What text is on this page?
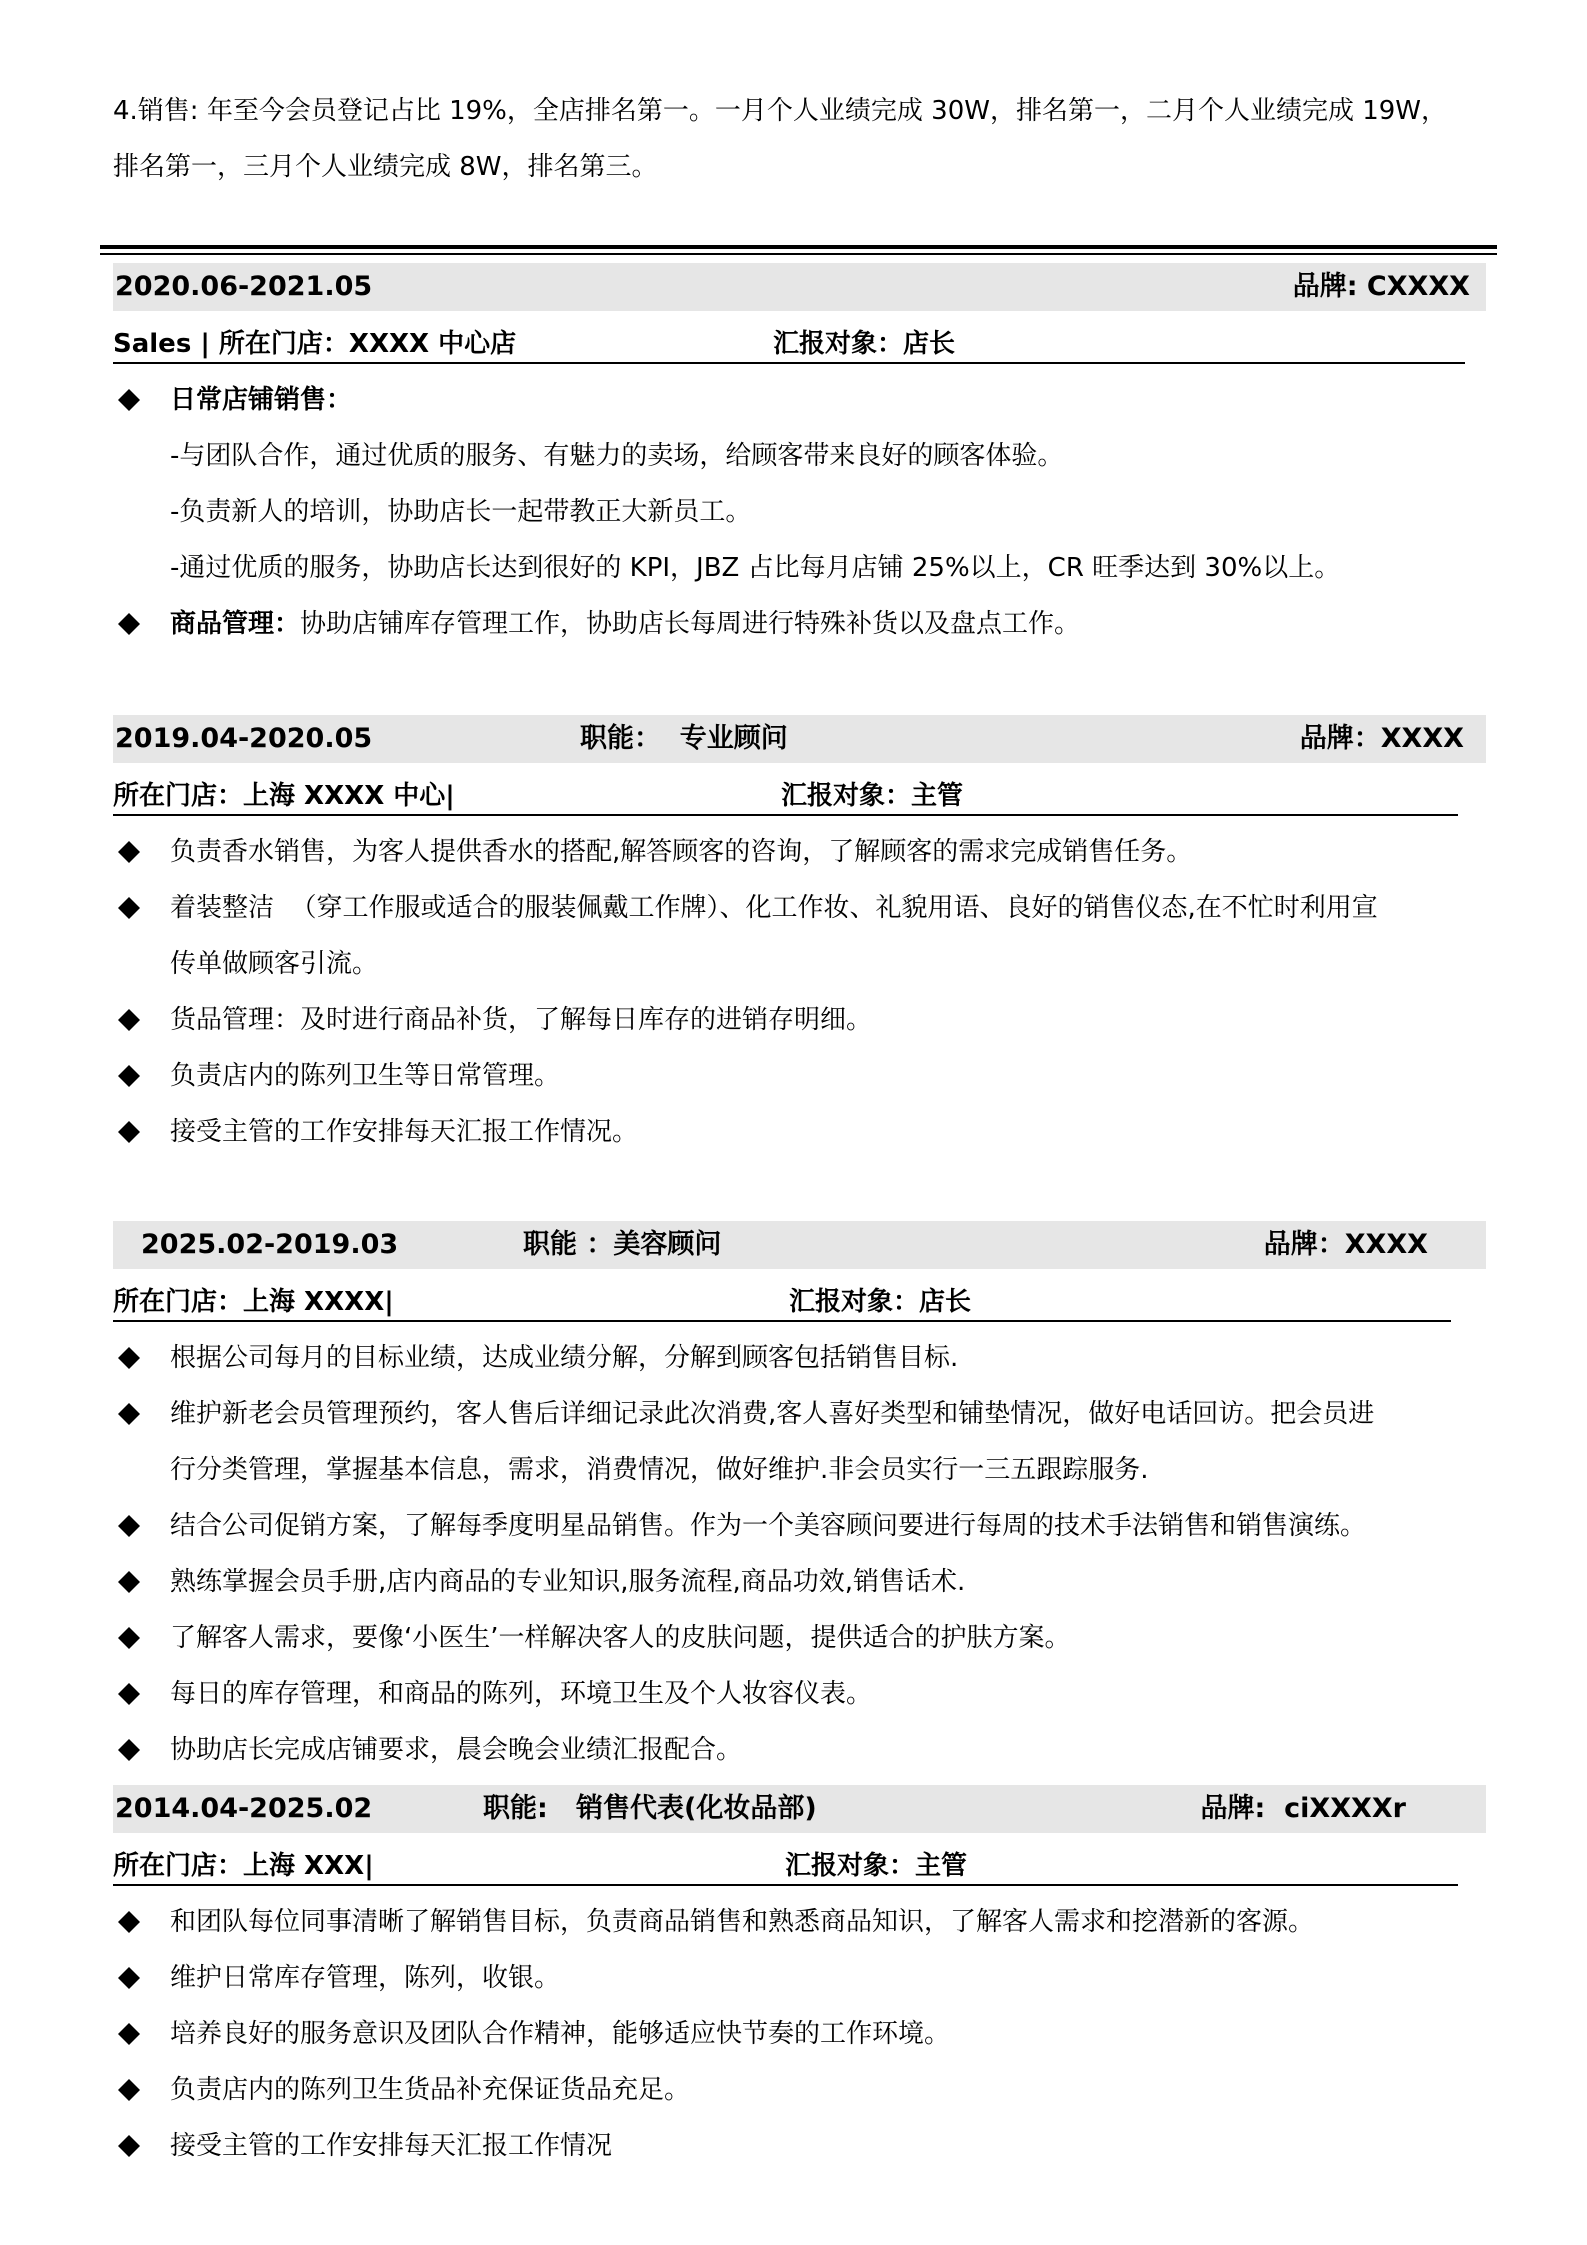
4.销售: 年至今会员登记占比 19%，全店排名第一。一月个人业绩完成 30W，排名第一，二月个人业绩完成 19W，
排名第一，三月个人业绩完成 8W，排名第三。
2020.06-2021.05	品牌: CXXXX
Sales | 所在门店：XXXX 中心店	汇报对象：店长
日常店铺销售：
-与团队合作，通过优质的服务、有魅力的卖场，给顾客带来良好的顾客体验。
-负责新人的培训，协助店长一起带教正大新员工。
-通过优质的服务，协助店长达到很好的 KPI，JBZ 占比每月店铺 25%以上，CR 旺季达到 30%以上。
商品管理：协助店铺库存管理工作，协助店长每周进行特殊补货以及盘点工作。
2019.04-2020.05	职能：  专业顾问	品牌：XXXX
所在门店：上海 XXXX 中心|	汇报对象：主管
负责香水销售，为客人提供香水的搭配,解答顾客的咨询，了解顾客的需求完成销售任务。
着装整洁  （穿工作服或适合的服装佩戴工作牌）、化工作妆、礼貌用语、良好的销售仪态,在不忙时利用宣
传单做顾客引流。
货品管理：及时进行商品补货，了解每日库存的进销存明细。
负责店内的陈列卫生等日常管理。
接受主管的工作安排每天汇报工作情况。
2025.02-2019.03	职能 ：美容顾问	品牌：XXXX
所在门店：上海 XXXX|	汇报对象：店长
根据公司每月的目标业绩，达成业绩分解，分解到顾客包括销售目标.
维护新老会员管理预约，客人售后详细记录此次消费,客人喜好类型和铺垫情况，做好电话回访。把会员进
行分类管理，掌握基本信息，需求，消费情况，做好维护.非会员实行一三五跟踪服务.
结合公司促销方案，了解每季度明星品销售。作为一个美容顾问要进行每周的技术手法销售和销售演练。
熟练掌握会员手册,店内商品的专业知识,服务流程,商品功效,销售话术.
了解客人需求，要像‘小医生’一样解决客人的皮肤问题，提供适合的护肤方案。
每日的库存管理，和商品的陈列，环境卫生及个人妆容仪表。
协助店长完成店铺要求，晨会晚会业绩汇报配合。
2014.04-2025.02	职能:   销售代表(化妆品部)	品牌:  ciXXXXr
所在门店：上海 XXX|	汇报对象：主管
和团队每位同事清晰了解销售目标，负责商品销售和熟悉商品知识，了解客人需求和挖潜新的客源。
维护日常库存管理，陈列，收银。
培养良好的服务意识及团队合作精神，能够适应快节奏的工作环境。
负责店内的陈列卫生货品补充保证货品充足。
接受主管的工作安排每天汇报工作情况
